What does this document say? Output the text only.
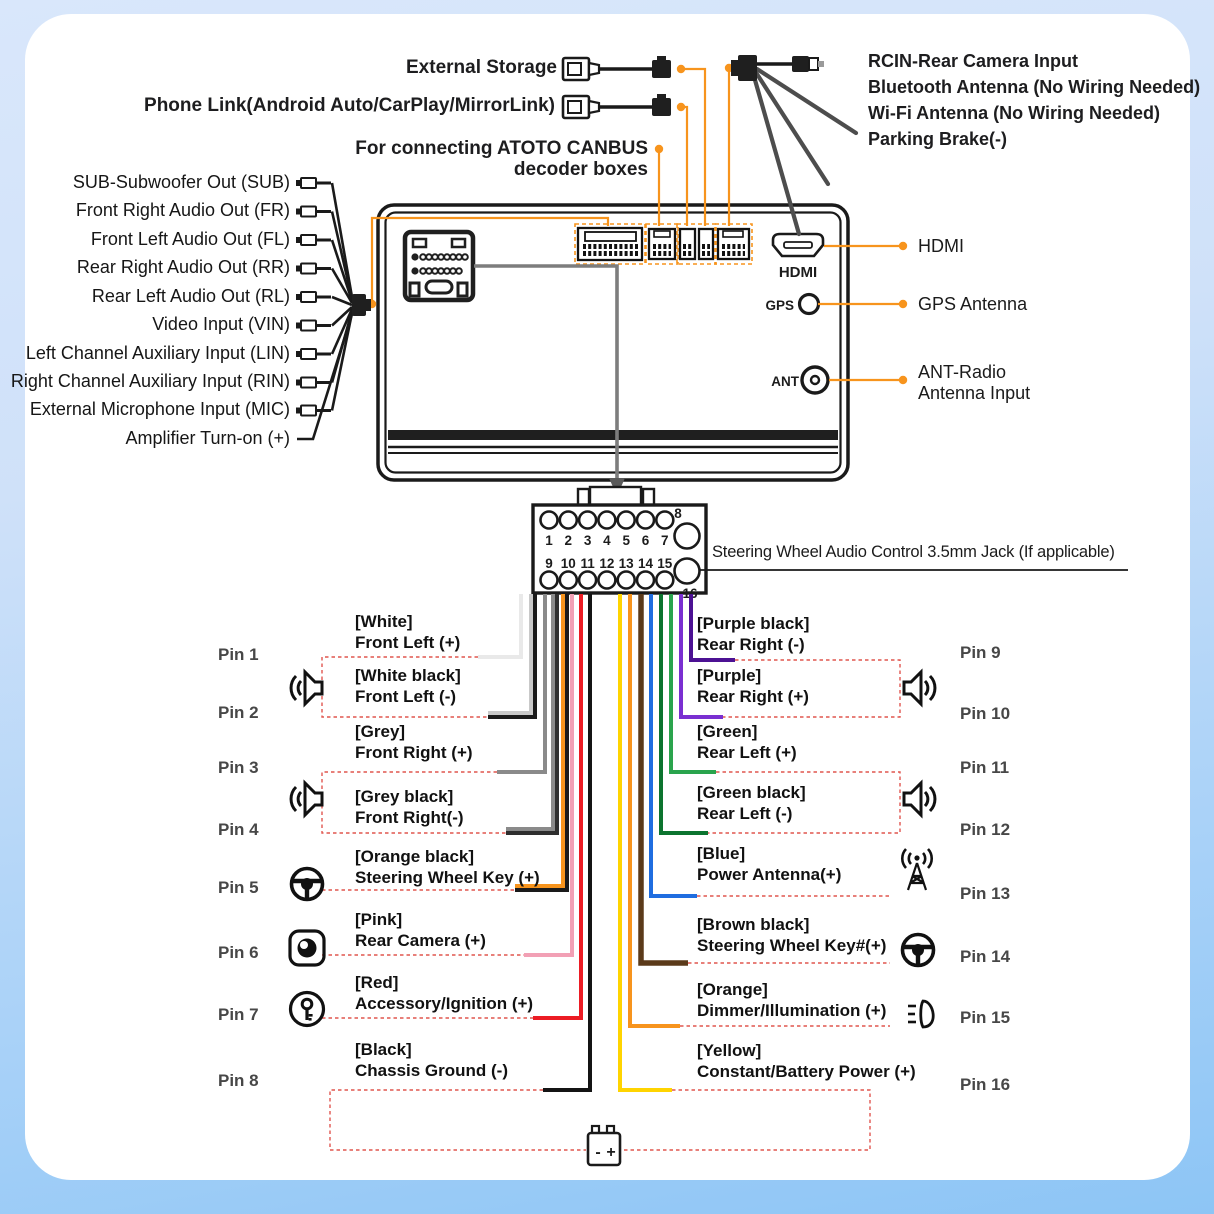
HDMI
GPS
ANT
1 2 3 4 5 6 7
8
9 10 11 12 13 14 15
16
- +
External Storage
Phone Link(Android Auto/CarPlay/MirrorLink)
For connecting ATOTO CANBUS
decoder boxes
RCIN-Rear Camera Input
Bluetooth Antenna (No Wiring Needed)
Wi-Fi Antenna (No Wiring Needed)
Parking Brake(-)
SUB-Subwoofer Out (SUB)
Front Right Audio Out (FR)
Front Left Audio Out (FL)
Rear Right Audio Out (RR)
Rear Left Audio Out (RL)
Video Input (VIN)
Left Channel Auxiliary Input (LIN)
Right Channel Auxiliary Input (RIN)
External Microphone Input (MIC)
Amplifier Turn-on (+)
HDMI
GPS Antenna
ANT-Radio
Antenna Input
Steering Wheel Audio Control 3.5mm Jack (If applicable)
[White]
Front Left (+)
[White black]
Front Left (-)
[Grey]
Front Right (+)
[Grey black]
Front Right(-)
[Orange black]
Steering Wheel Key (+)
[Pink]
Rear Camera (+)
[Red]
Accessory/Ignition (+)
[Black]
Chassis Ground (-)
[Purple black]
Rear Right (-)
[Purple]
Rear Right (+)
[Green]
Rear Left (+)
[Green black]
Rear Left (-)
[Blue]
Power Antenna(+)
[Brown black]
Steering Wheel Key#(+)
[Orange]
Dimmer/Illumination (+)
[Yellow]
Constant/Battery Power (+)
Pin 1
Pin 2
Pin 3
Pin 4
Pin 5
Pin 6
Pin 7
Pin 8
Pin 9
Pin 10
Pin 11
Pin 12
Pin 13
Pin 14
Pin 15
Pin 16
